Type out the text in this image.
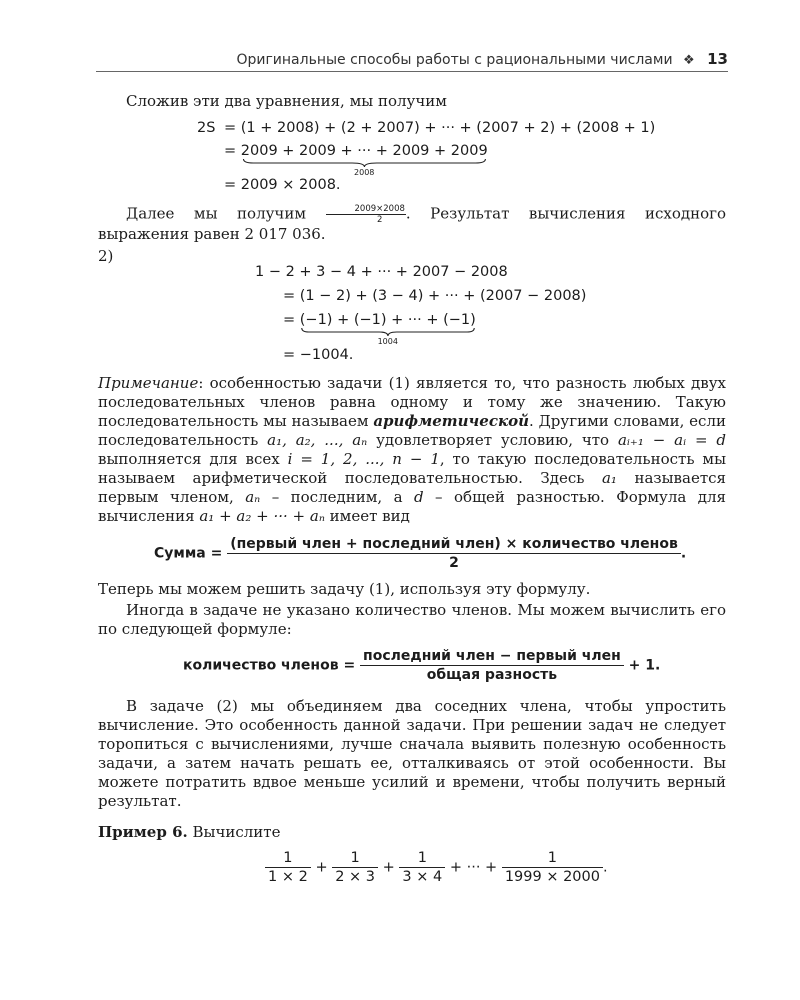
Оригинальные способы работы с рациональными числами ❖ 13
Сложив эти два уравнения, мы получим
2S = (1 + 2008) + (2 + 2007) + ··· + (2007 + 2) + (2008 + 1)
= 2009 + 2009 + ··· + 2009 + 2009
2008
= 2009 × 2008.
Далее мы получим $\frac{2009\times 2008}{2}$ . Результат вычисления исходного выражения равен 2 017 036.
2)
1 − 2 + 3 − 4 + ··· + 2007 − 2008
= (1 − 2) + (3 − 4) + ··· + (2007 − 2008)
= (−1) + (−1) + ··· + (−1)
1004
= −1004.
Примечание: особенностью задачи (1) является то, что разность любых двух последовательных членов равна одному и тому же значению. Такую последовательность мы называем арифметической. Другими словами, если последовательность a₁, a₂, ..., aₙ удовлетворяет условию, что aᵢ₊₁ − aᵢ = d выполняется для всех i = 1, 2, ..., n − 1, то такую последовательность мы называем арифметической последовательностью. Здесь a₁ называется первым членом, aₙ – последним, а d – общей разностью. Формула для вычисления a₁ + a₂ + ··· + aₙ имеет вид
Сумма = $\frac{\text{(первый член + последний член) × количество членов}}{2}$ .
Теперь мы можем решить задачу (1), используя эту формулу.
Иногда в задаче не указано количество членов. Мы можем вычислить его по следующей формуле:
количество членов = $\frac{\text{последний член − первый член}}{\text{общая разность}} + 1$.
В задаче (2) мы объединяем два соседних члена, чтобы упростить вычисление. Это особенность данной задачи. При решении задач не следует торопиться с вычислениями, лучше сначала выявить полезную особенность задачи, а затем начать решать ее, отталкиваясь от этой особенности. Вы можете потратить вдвое меньше усилий и времени, чтобы получить верный результат.
Пример 6. Вычислите
$\frac{1}{1 \times 2} + \frac{1}{2 \times 3} + \frac{1}{3 \times 4}$ + ··· + $\frac{1}{1999 \times 2000}$ .
